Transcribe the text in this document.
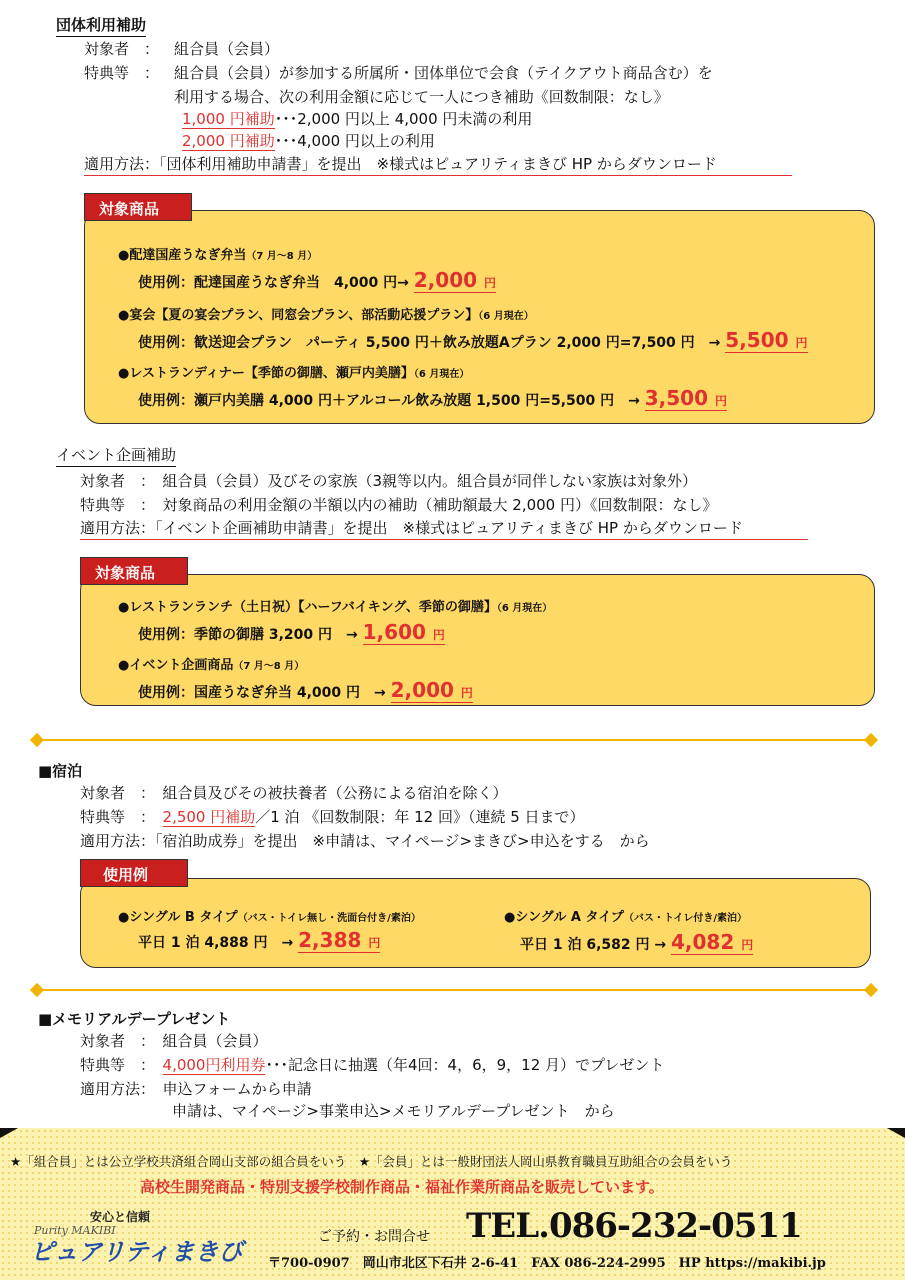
団体利用補助
対象者　： 組合員（会員）
特典等　： 組合員（会員）が参加する所属所・団体単位で会食（テイクアウト商品含む）を
利用する場合、次の利用金額に応じて一人につき補助《回数制限：なし》
1,000 円補助･･･2,000 円以上 4,000 円未満の利用
2,000 円補助･･･4,000 円以上の利用
適用方法：「団体利用補助申請書」を提出　※様式はピュアリティまきび HP からダウンロード
対象商品
●配達国産うなぎ弁当（7 月～8 月）
使用例：配達国産うなぎ弁当　4,000 円→ 2,000 円
●宴会【夏の宴会プラン、同窓会プラン、部活動応援プラン】（6 月現在）
使用例：歓送迎会プラン　パーティ 5,500 円＋飲み放題Aプラン 2,000 円=7,500 円　→ 5,500 円
●レストランディナー【季節の御膳、瀬戸内美膳】（6 月現在）
使用例：瀬戸内美膳 4,000 円＋アルコール飲み放題 1,500 円=5,500 円　→ 3,500 円
イベント企画補助
対象者　：　組合員（会員）及びその家族（3親等以内。組合員が同伴しない家族は対象外）
特典等　：　対象商品の利用金額の半額以内の補助（補助額最大 2,000 円）《回数制限：なし》
適用方法：「イベント企画補助申請書」を提出　※様式はピュアリティまきび HP からダウンロード
対象商品
●レストランランチ（土日祝）【ハーフバイキング、季節の御膳】（6 月現在）
使用例：季節の御膳 3,200 円　→ 1,600 円
●イベント企画商品（7 月～8 月）
使用例：国産うなぎ弁当 4,000 円　→ 2,000 円
■宿泊
対象者　：　組合員及びその被扶養者（公務による宿泊を除く）
特典等　：　 2,500 円補助／1 泊 《回数制限：年 12 回》（連続 5 日まで）
適用方法：「宿泊助成券」を提出　※申請は、マイページ>まきび>申込をする　から
使用例
●シングル B タイプ（バス・トイレ無し・洗面台付き/素泊）
平日 1 泊 4,888 円　→ 2,388 円
●シングル A タイプ（バス・トイレ付き/素泊）
平日 1 泊 6,582 円 → 4,082 円
■メモリアルデープレゼント
対象者　：　組合員（会員）
特典等　：　 4,000円利用券･･･記念日に抽選（年4回：4，6，9，12 月）でプレゼント
適用方法：　申込フォームから申請
申請は、マイページ>事業申込>メモリアルデープレゼント　から
★「組合員」とは公立学校共済組合岡山支部の組合員をいう　★「会員」とは一般財団法人岡山県教育職員互助組合の会員をいう
高校生開発商品・特別支援学校制作商品・福祉作業所商品を販売しています。
安心と信頼
Purity MAKIBI
ピュアリティまきび
ご予約・お問合せ TEL.086-232-0511
〒700-0907　岡山市北区下石井 2-6-41　FAX 086-224-2995　HP https://makibi.jp
